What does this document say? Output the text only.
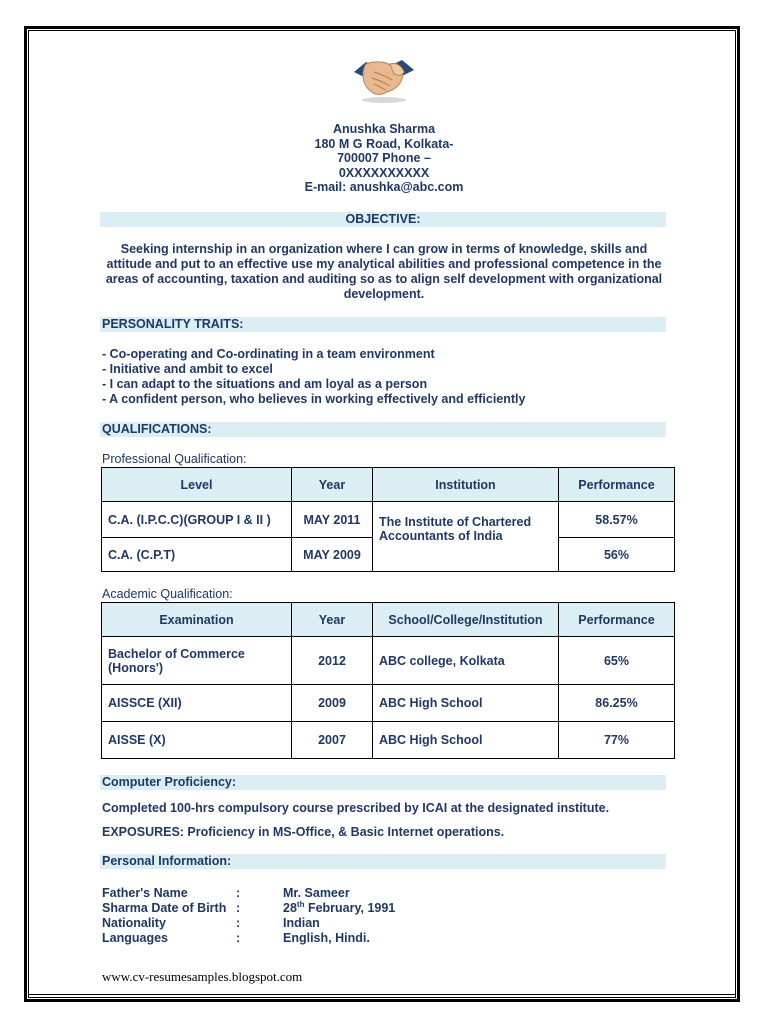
Anushka Sharma
180 M G Road, Kolkata-
700007 Phone –
0XXXXXXXXXX
E-mail: anushka@abc.com
OBJECTIVE:
Seeking internship in an organization where I can grow in terms of knowledge, skills and attitude and put to an effective use my analytical abilities and professional competence in the areas of accounting, taxation and auditing so as to align self development with organizational development.
PERSONALITY TRAITS:
- Co-operating and Co-ordinating in a team environment
- Initiative and ambit to excel
- I can adapt to the situations and am loyal as a person
- A confident person, who believes in working effectively and efficiently
QUALIFICATIONS:
Professional Qualification:
Level	Year	Institution	Performance
C.A. (I.P.C.C)(GROUP I & II )	MAY 2011	The Institute of Chartered Accountants of India	58.57%
C.A. (C.P.T)	MAY 2009		56%
Academic Qualification:
Examination	Year	School/College/Institution	Performance
Bachelor of Commerce (Honors')	2012	ABC college, Kolkata	65%
AISSCE (XII)	2009	ABC High School	86.25%
AISSE (X)	2007	ABC High School	77%
Computer Proficiency:
Completed 100-hrs compulsory course prescribed by ICAI at the designated institute.
EXPOSURES: Proficiency in MS-Office, & Basic Internet operations.
Personal Information:
Father's Name	:	Mr. Sameer
Sharma Date of Birth :	28th February, 1991
Nationality	:	Indian
Languages	:	English, Hindi.
www.cv-resumesamples.blogspot.com
